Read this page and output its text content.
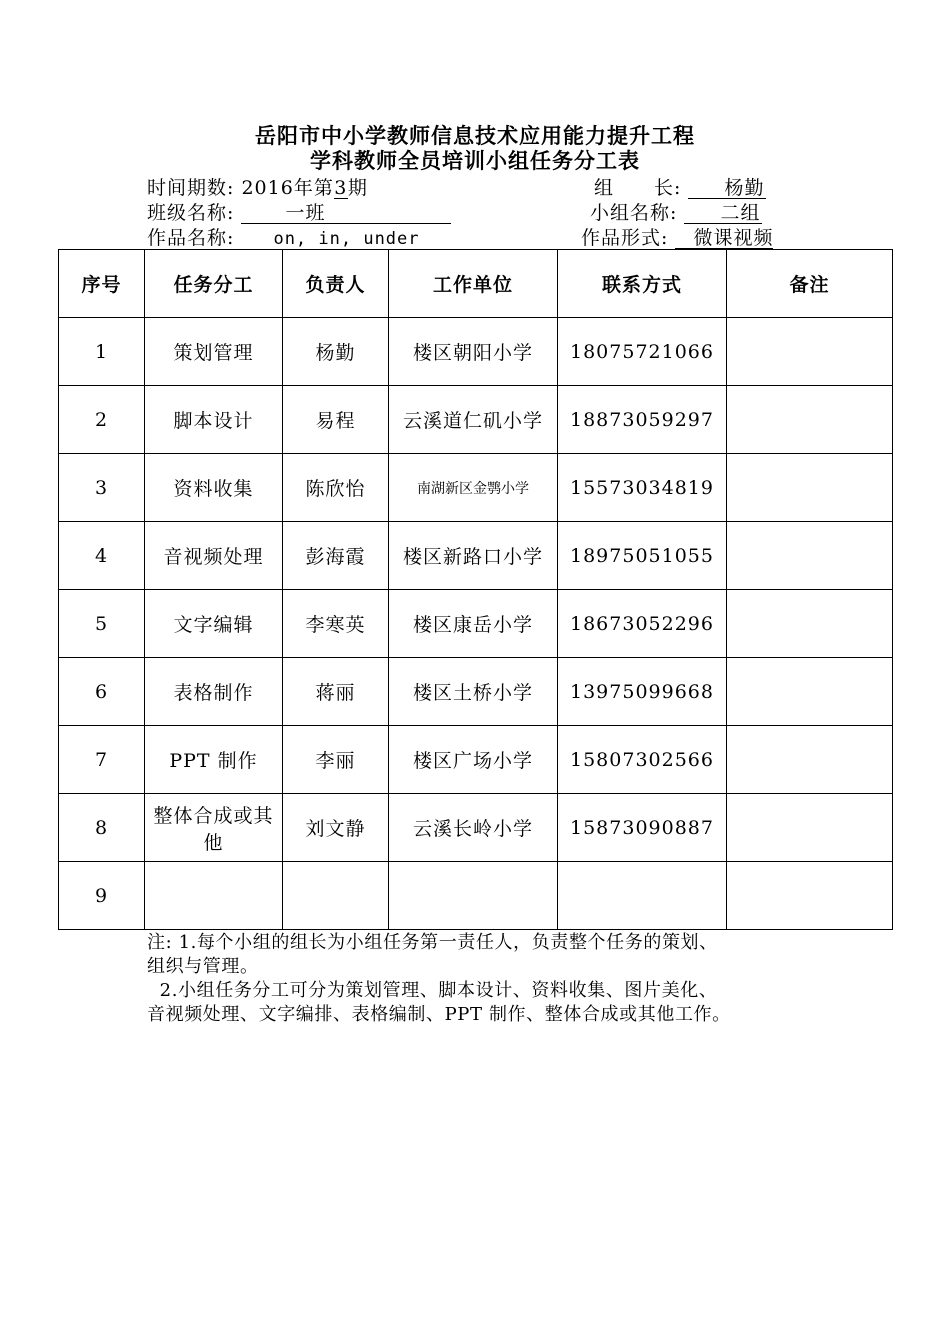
岳阳市中小学教师信息技术应用能力提升工程
学科教师全员培训小组任务分工表
时间期数: 2016年第3期	组　　长: 杨勤
班级名称:	一班	小组名称: 二组
作品名称: on, in, under	作品形式: 微课视频
序号	任务分工	负责人	工作单位	联系方式	备注
1	策划管理	杨勤	楼区朝阳小学	18075721066	
2	脚本设计	易程	云溪道仁矶小学	18873059297	
3	资料收集	陈欣怡	南湖新区金鹗小学	15573034819	
4	音视频处理	彭海霞	楼区新路口小学	18975051055	
5	文字编辑	李寒英	楼区康岳小学	18673052296	
6	表格制作	蒋丽	楼区土桥小学	13975099668	
7	PPT 制作	李丽	楼区广场小学	15807302566	
8	整体合成或其他	刘文静	云溪长岭小学	15873090887	
9					
注: 1.每个小组的组长为小组任务第一责任人，负责整个任务的策划、
组织与管理。
2.小组任务分工可分为策划管理、脚本设计、资料收集、图片美化、
音视频处理、文字编排、表格编制、PPT 制作、整体合成或其他工作。
